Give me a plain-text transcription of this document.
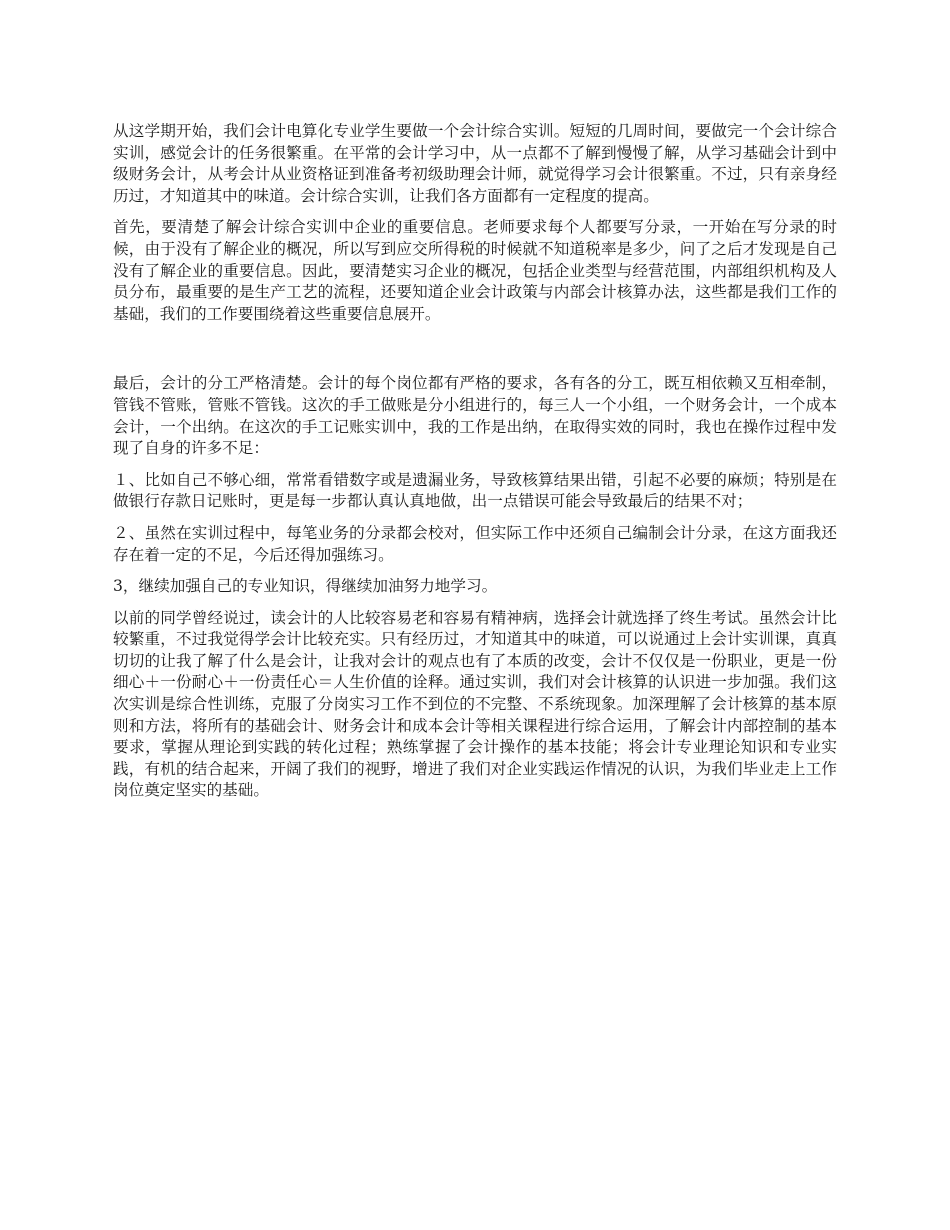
从这学期开始，我们会计电算化专业学生要做一个会计综合实训。短短的几周时间，要做完一个会计综合实训，感觉会计的任务很繁重。在平常的会计学习中，从一点都不了解到慢慢了解，从学习基础会计到中级财务会计，从考会计从业资格证到准备考初级助理会计师，就觉得学习会计很繁重。不过，只有亲身经历过，才知道其中的味道。会计综合实训，让我们各方面都有一定程度的提高。

首先，要清楚了解会计综合实训中企业的重要信息。老师要求每个人都要写分录，一开始在写分录的时候，由于没有了解企业的概况，所以写到应交所得税的时候就不知道税率是多少，问了之后才发现是自己没有了解企业的重要信息。因此，要清楚实习企业的概况，包括企业类型与经营范围，内部组织机构及人员分布，最重要的是生产工艺的流程，还要知道企业会计政策与内部会计核算办法，这些都是我们工作的基础，我们的工作要围绕着这些重要信息展开。

最后，会计的分工严格清楚。会计的每个岗位都有严格的要求，各有各的分工，既互相依赖又互相牵制，管钱不管账，管账不管钱。这次的手工做账是分小组进行的，每三人一个小组，一个财务会计，一个成本会计，一个出纳。在这次的手工记账实训中，我的工作是出纳，在取得实效的同时，我也在操作过程中发现了自身的许多不足：

１、比如自己不够心细，常常看错数字或是遗漏业务，导致核算结果出错，引起不必要的麻烦；特别是在做银行存款日记账时，更是每一步都认真认真地做，出一点错误可能会导致最后的结果不对；

２、虽然在实训过程中，每笔业务的分录都会校对，但实际工作中还须自己编制会计分录，在这方面我还存在着一定的不足，今后还得加强练习。

3，继续加强自己的专业知识，得继续加油努力地学习。

以前的同学曾经说过，读会计的人比较容易老和容易有精神病，选择会计就选择了终生考试。虽然会计比较繁重，不过我觉得学会计比较充实。只有经历过，才知道其中的味道，可以说通过上会计实训课，真真切切的让我了解了什么是会计，让我对会计的观点也有了本质的改变，会计不仅仅是一份职业，更是一份细心＋一份耐心＋一份责任心＝人生价值的诠释。通过实训，我们对会计核算的认识进一步加强。我们这次实训是综合性训练，克服了分岗实习工作不到位的不完整、不系统现象。加深理解了会计核算的基本原则和方法，将所有的基础会计、财务会计和成本会计等相关课程进行综合运用，了解会计内部控制的基本要求，掌握从理论到实践的转化过程；熟练掌握了会计操作的基本技能；将会计专业理论知识和专业实践，有机的结合起来，开阔了我们的视野，增进了我们对企业实践运作情况的认识，为我们毕业走上工作岗位奠定坚实的基础。
